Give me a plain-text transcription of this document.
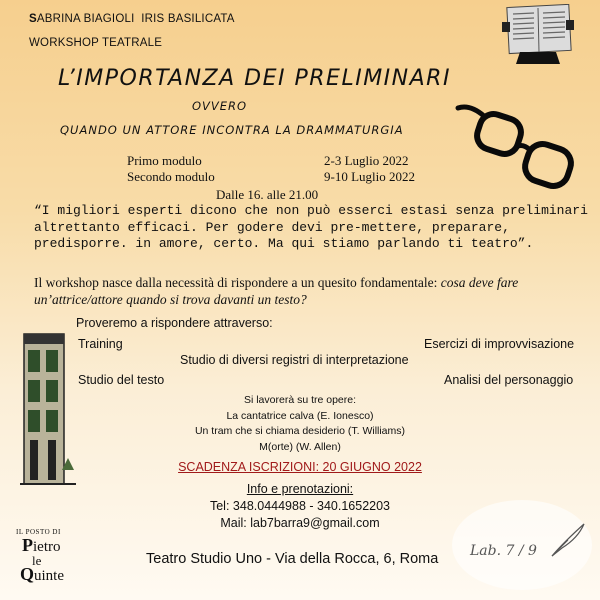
SABRINA BIAGIOLI IRIS BASILICATA
WORKSHOP TEATRALE
L’IMPORTANZA DEI PRELIMINARI
OVVERO
QUANDO UN ATTORE INCONTRA LA DRAMMATURGIA
Primo modulo	2-3 Luglio 2022
Secondo modulo	9-10 Luglio 2022
Dalle 16. alle 21.00
“I migliori esperti dicono che non può esserci estasi senza preliminari altrettanto efficaci. Per godere devi pre-mettere, preparare, predisporre. in amore, certo. Ma qui stiamo parlando ti teatro”.
Il workshop nasce dalla necessità di rispondere a un quesito fondamentale: cosa deve fare un’attrice/attore quando si trova davanti un testo?
Proveremo a rispondere attraverso:
Training	Esercizi di improvvisazione
Studio di diversi registri di interpretazione
Studio del testo	Analisi del personaggio
Si lavorerà su tre opere:
La cantatrice calva (E. Ionesco)
Un tram che si chiama desiderio (T. Williams)
M(orte) (W. Allen)
SCADENZA ISCRIZIONI: 20 GIUGNO 2022
Info e prenotazioni:
Tel: 348.0444988 - 340.1652203
Mail: lab7barra9@gmail.com
Teatro Studio Uno - Via della Rocca, 6, Roma
IL POSTO DI
Pietro
le
Quinte
Lab. 7 / 9
